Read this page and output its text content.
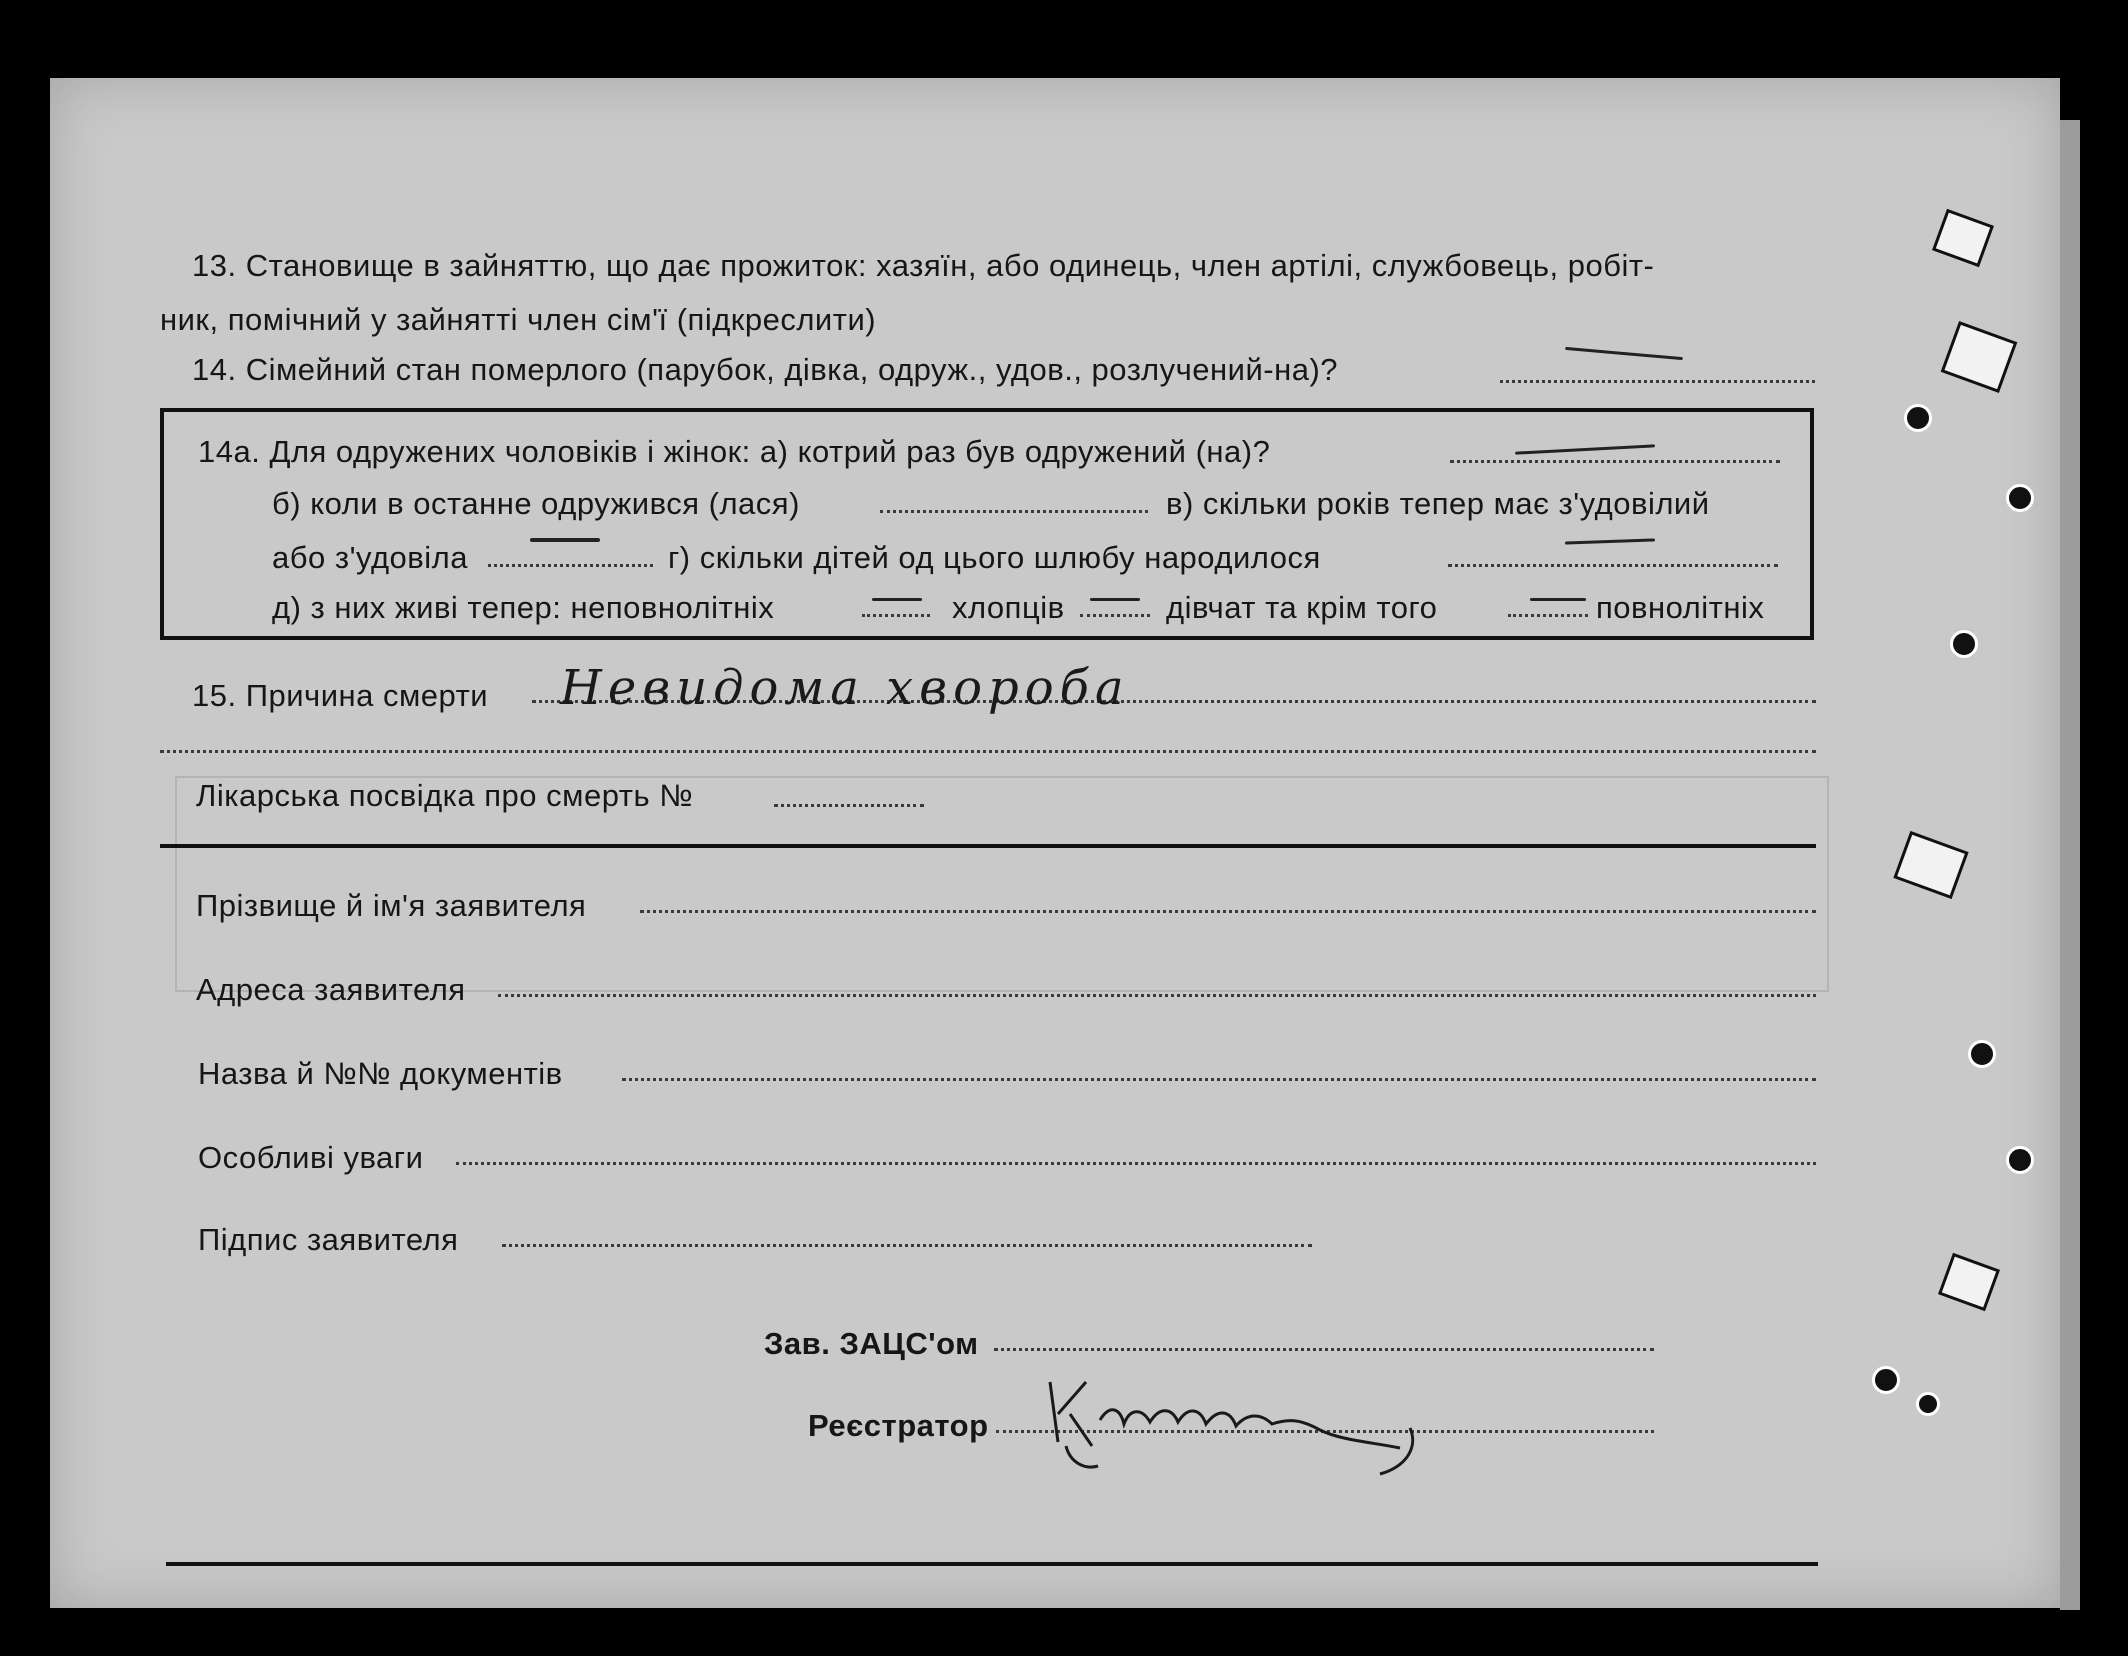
13. Становище в зайняттю, що дає прожиток: хазяїн, або одинець, член артілі, службовець, робіт-
ник, помічний у зайнятті член сім'ї (підкреслити)
14. Сімейний стан померлого (парубок, дівка, одруж., удов., розлучений-на)?
14а. Для одружених чоловіків і жінок: а) котрий раз був одружений (на)?
б) коли в останне одружився (лася)	в) скільки років тепер має з'удовілий
або з'удовіла	г) скільки дітей од цього шлюбу народилося
д) з них живі тепер: неповнолітніх	хлопців	дівчат та крім того	повнолітніх
15. Причина смерти Невидома хвороба
Лікарська посвідка про смерть №
Прізвище й ім'я заявителя
Адреса заявителя
Назва й №№ документів
Особливі уваги
Підпис заявителя
Зав. ЗАЦС'ом
Реєстратор
